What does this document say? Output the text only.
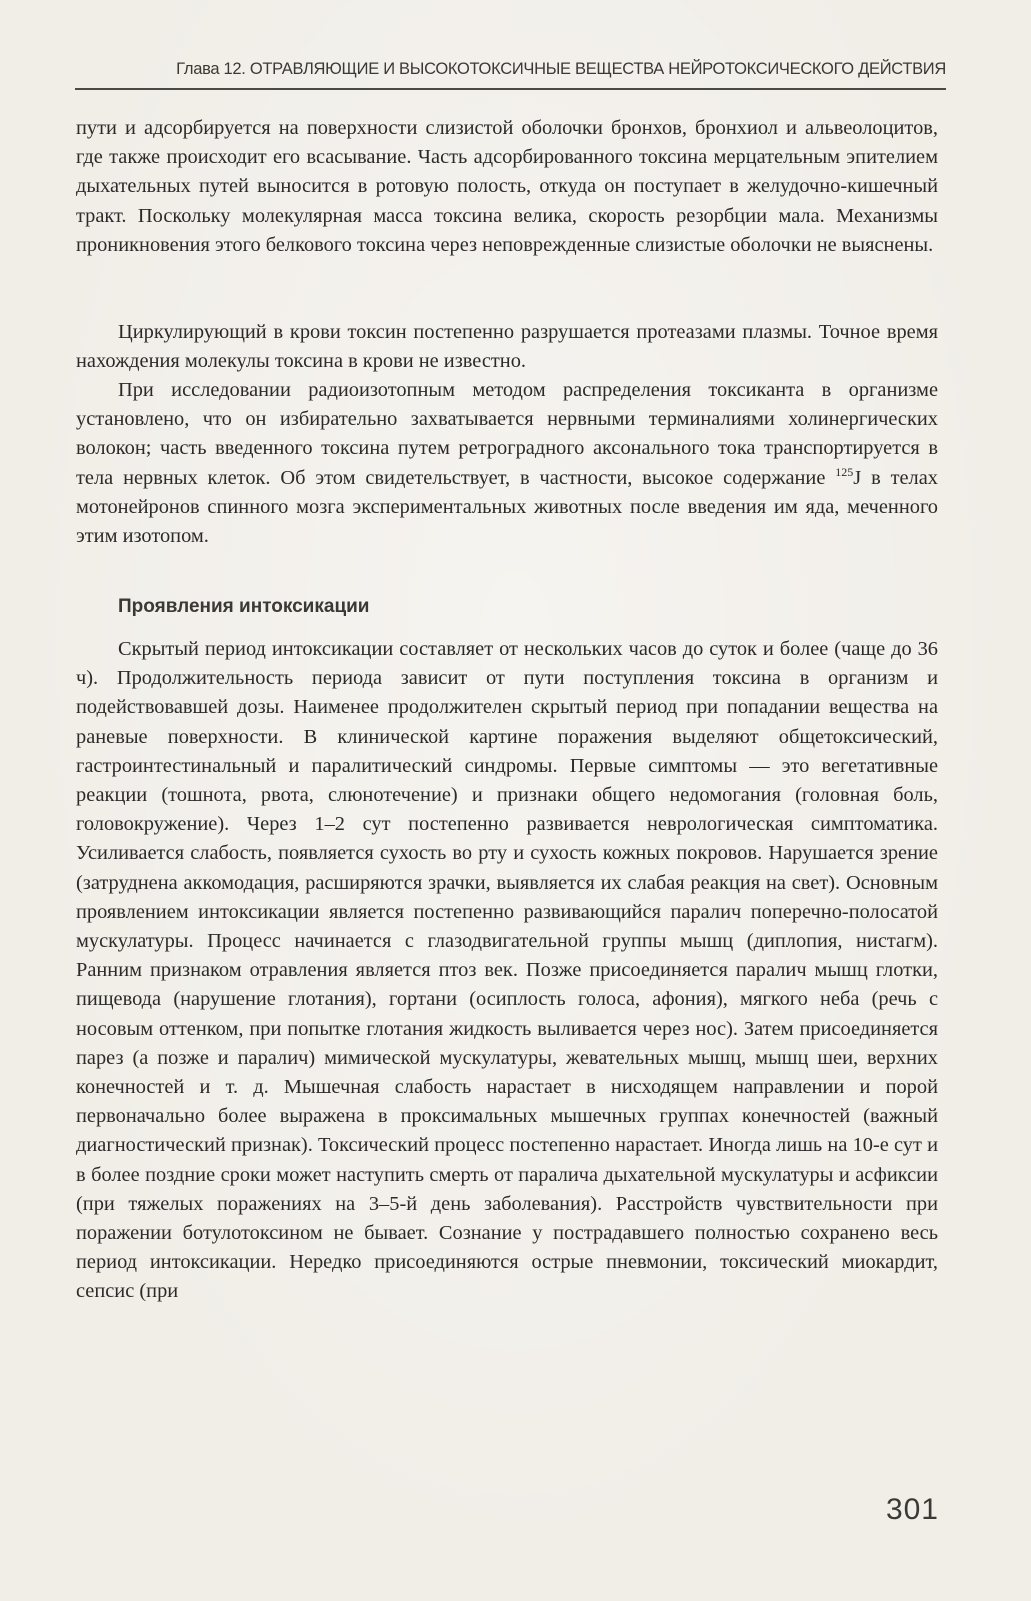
Глава 12. ОТРАВЛЯЮЩИЕ И ВЫСОКОТОКСИЧНЫЕ ВЕЩЕСТВА НЕЙРОТОКСИЧЕСКОГО ДЕЙСТВИЯ

пути и адсорбируется на поверхности слизистой оболочки бронхов, бронхиол и альвеолоцитов, где также происходит его всасывание. Часть адсорбированного токсина мерцательным эпителием дыхательных путей выносится в ротовую полость, откуда он поступает в желудочно-кишечный тракт. Поскольку молекулярная масса токсина велика, скорость резорбции мала. Механизмы проникновения этого белкового токсина через неповрежденные слизистые оболочки не выяснены.

Циркулирующий в крови токсин постепенно разрушается протеазами плазмы. Точное время нахождения молекулы токсина в крови не известно.

При исследовании радиоизотопным методом распределения токсиканта в организме установлено, что он избирательно захватывается нервными терминалиями холинергических волокон; часть введенного токсина путем ретроградного аксонального тока транспортируется в тела нервных клеток. Об этом свидетельствует, в частности, высокое содержание $^{125}$J в телах мотонейронов спинного мозга экспериментальных животных после введения им яда, меченного этим изотопом.

Проявления интоксикации

Скрытый период интоксикации составляет от нескольких часов до суток и более (чаще до 36 ч). Продолжительность периода зависит от пути поступления токсина в организм и подействовавшей дозы. Наименее продолжителен скрытый период при попадании вещества на раневые поверхности. В клинической картине поражения выделяют общетоксический, гастроинтестинальный и паралитический синдромы. Первые симптомы — это вегетативные реакции (тошнота, рвота, слюнотечение) и признаки общего недомогания (головная боль, головокружение). Через 1–2 сут постепенно развивается неврологическая симптоматика. Усиливается слабость, появляется сухость во рту и сухость кожных покровов. Нарушается зрение (затруднена аккомодация, расширяются зрачки, выявляется их слабая реакция на свет). Основным проявлением интоксикации является постепенно развивающийся паралич поперечно-полосатой мускулатуры. Процесс начинается с глазодвигательной группы мышц (диплопия, нистагм). Ранним признаком отравления является птоз век. Позже присоединяется паралич мышц глотки, пищевода (нарушение глотания), гортани (осиплость голоса, афония), мягкого неба (речь с носовым оттенком, при попытке глотания жидкость выливается через нос). Затем присоединяется парез (а позже и паралич) мимической мускулатуры, жевательных мышц, мышц шеи, верхних конечностей и т. д. Мышечная слабость нарастает в нисходящем направлении и порой первоначально более выражена в проксимальных мышечных группах конечностей (важный диагностический признак). Токсический процесс постепенно нарастает. Иногда лишь на 10-е сут и в более поздние сроки может наступить смерть от паралича дыхательной мускулатуры и асфиксии (при тяжелых поражениях на 3–5-й день заболевания). Расстройств чувствительности при поражении ботулотоксином не бывает. Сознание у пострадавшего полностью сохранено весь период интоксикации. Нередко присоединяются острые пневмонии, токсический миокардит, сепсис (при

301
